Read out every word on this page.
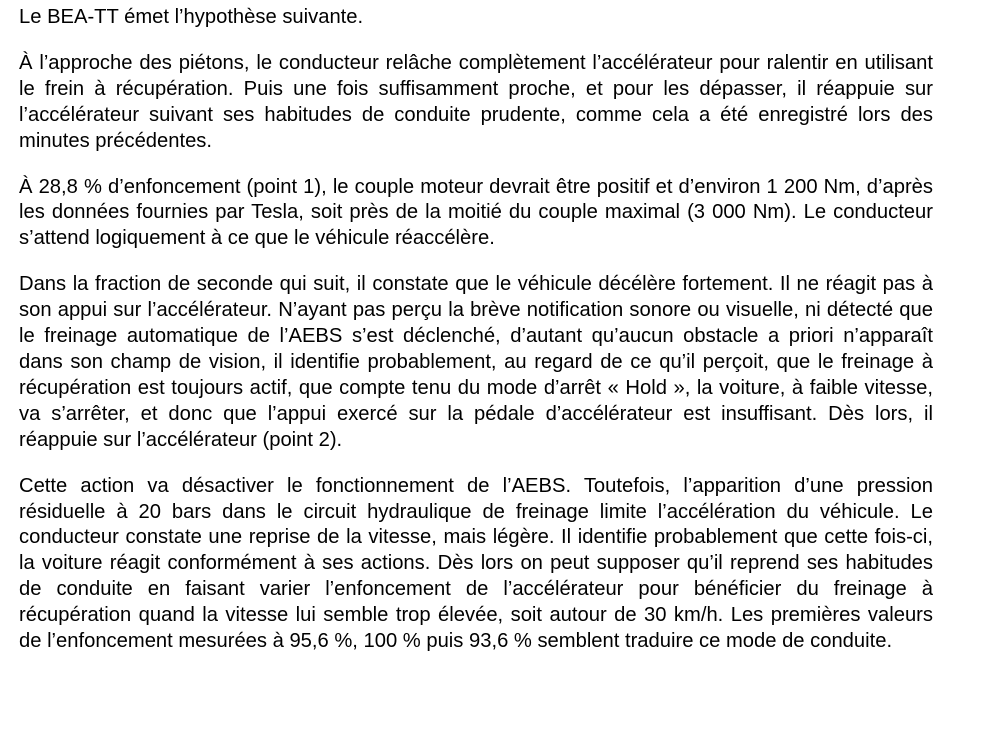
Le BEA-TT émet l’hypothèse suivante.

À l’approche des piétons, le conducteur relâche complètement l’accélérateur pour ralentir en utilisant le frein à récupération. Puis une fois suffisamment proche, et pour les dépasser, il réappuie sur l’accélérateur suivant ses habitudes de conduite prudente, comme cela a été enregistré lors des minutes précédentes.

À 28,8 % d’enfoncement (point 1), le couple moteur devrait être positif et d’environ 1 200 Nm, d’après les données fournies par Tesla, soit près de la moitié du couple maximal (3 000 Nm). Le conducteur s’attend logiquement à ce que le véhicule réaccélère.

Dans la fraction de seconde qui suit, il constate que le véhicule décélère fortement. Il ne réagit pas à son appui sur l’accélérateur. N’ayant pas perçu la brève notification sonore ou visuelle, ni détecté que le freinage automatique de l’AEBS s’est déclenché, d’autant qu’aucun obstacle a priori n’apparaît dans son champ de vision, il identifie probablement, au regard de ce qu’il perçoit, que le freinage à récupération est toujours actif, que compte tenu du mode d’arrêt « Hold », la voiture, à faible vitesse, va s’arrêter, et donc que l’appui exercé sur la pédale d’accélérateur est insuffisant. Dès lors, il réappuie sur l’accélérateur (point 2).

Cette action va désactiver le fonctionnement de l’AEBS. Toutefois, l’apparition d’une pression résiduelle à 20 bars dans le circuit hydraulique de freinage limite l’accélération du véhicule. Le conducteur constate une reprise de la vitesse, mais légère. Il identifie probablement que cette fois-ci, la voiture réagit conformément à ses actions. Dès lors on peut supposer qu’il reprend ses habitudes de conduite en faisant varier l’enfoncement de l’accélérateur pour bénéficier du freinage à récupération quand la vitesse lui semble trop élevée, soit autour de 30 km/h. Les premières valeurs de l’enfoncement mesurées à 95,6 %, 100 % puis 93,6 % semblent traduire ce mode de conduite.
